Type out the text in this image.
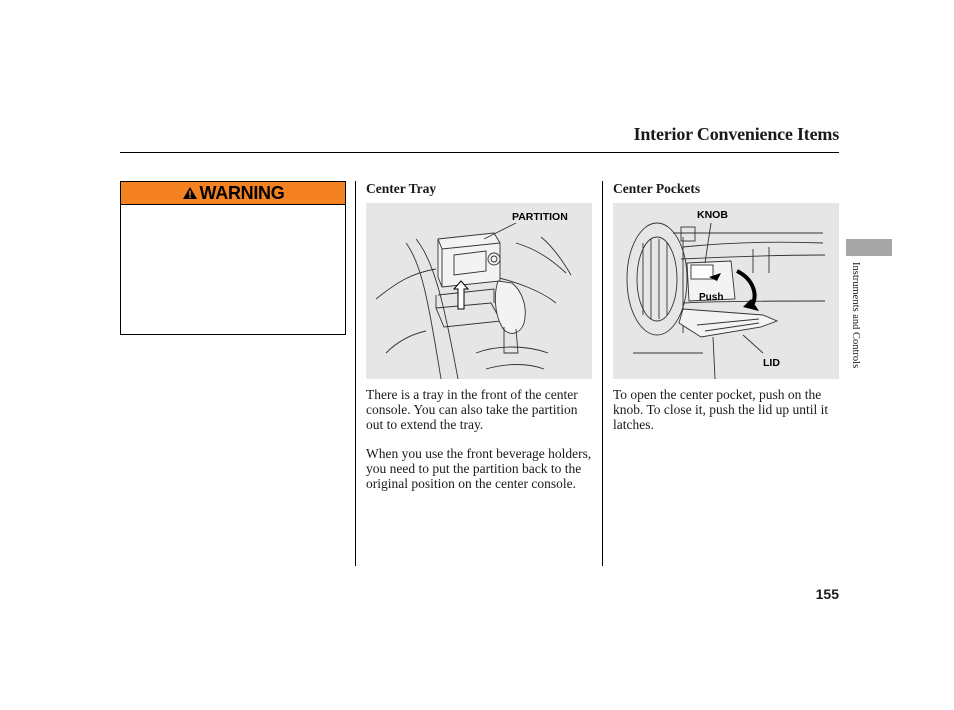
Interior Convenience Items
WARNING	Center Tray
PARTITION

There is a tray in the front of the center console. You can also take the partition out to extend the tray.

When you use the front beverage holders, you need to put the partition back to the original position on the center console.

Center Pockets
KNOB
Push
LID

To open the center pocket, push on the knob. To close it, push the lid up until it latches.

Instruments and Controls
155
